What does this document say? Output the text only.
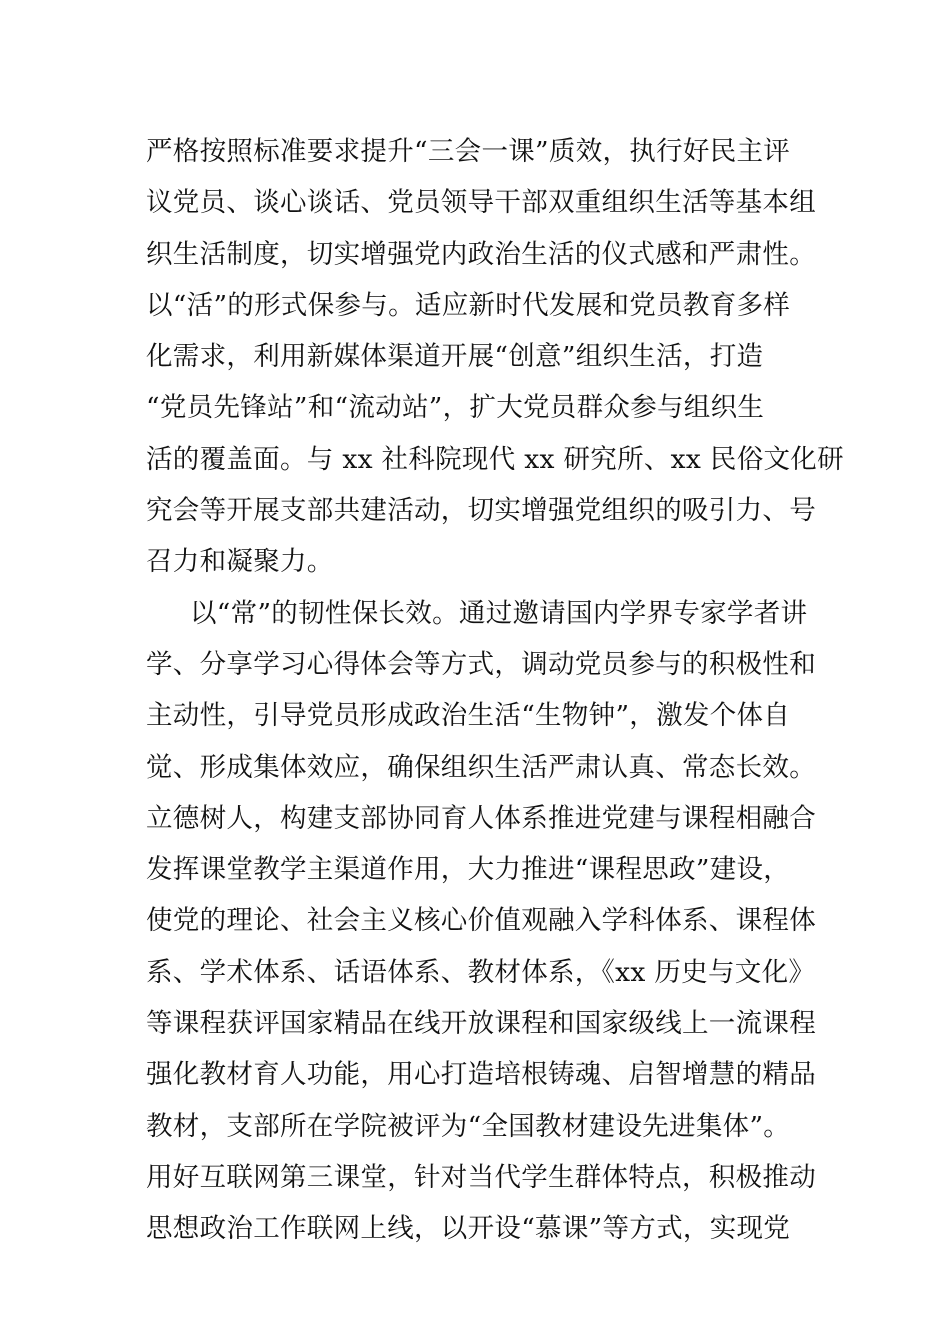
严格按照标准要求提升“三会一课”质效，执行好民主评
议党员、谈心谈话、党员领导干部双重组织生活等基本组
织生活制度，切实增强党内政治生活的仪式感和严肃性。
以“活”的形式保参与。适应新时代发展和党员教育多样
化需求，利用新媒体渠道开展“创意”组织生活，打造
“党员先锋站”和“流动站”，扩大党员群众参与组织生
活的覆盖面。与 xx 社科院现代 xx 研究所、xx 民俗文化研
究会等开展支部共建活动，切实增强党组织的吸引力、号
召力和凝聚力。
以“常”的韧性保长效。通过邀请国内学界专家学者讲
学、分享学习心得体会等方式，调动党员参与的积极性和
主动性，引导党员形成政治生活“生物钟”，激发个体自
觉、形成集体效应，确保组织生活严肃认真、常态长效。
立德树人，构建支部协同育人体系推进党建与课程相融合
发挥课堂教学主渠道作用，大力推进“课程思政”建设，
使党的理论、社会主义核心价值观融入学科体系、课程体
系、学术体系、话语体系、教材体系，《xx 历史与文化》
等课程获评国家精品在线开放课程和国家级线上一流课程
强化教材育人功能，用心打造培根铸魂、启智增慧的精品
教材，支部所在学院被评为“全国教材建设先进集体”。
用好互联网第三课堂，针对当代学生群体特点，积极推动
思想政治工作联网上线，以开设“慕课”等方式，实现党
